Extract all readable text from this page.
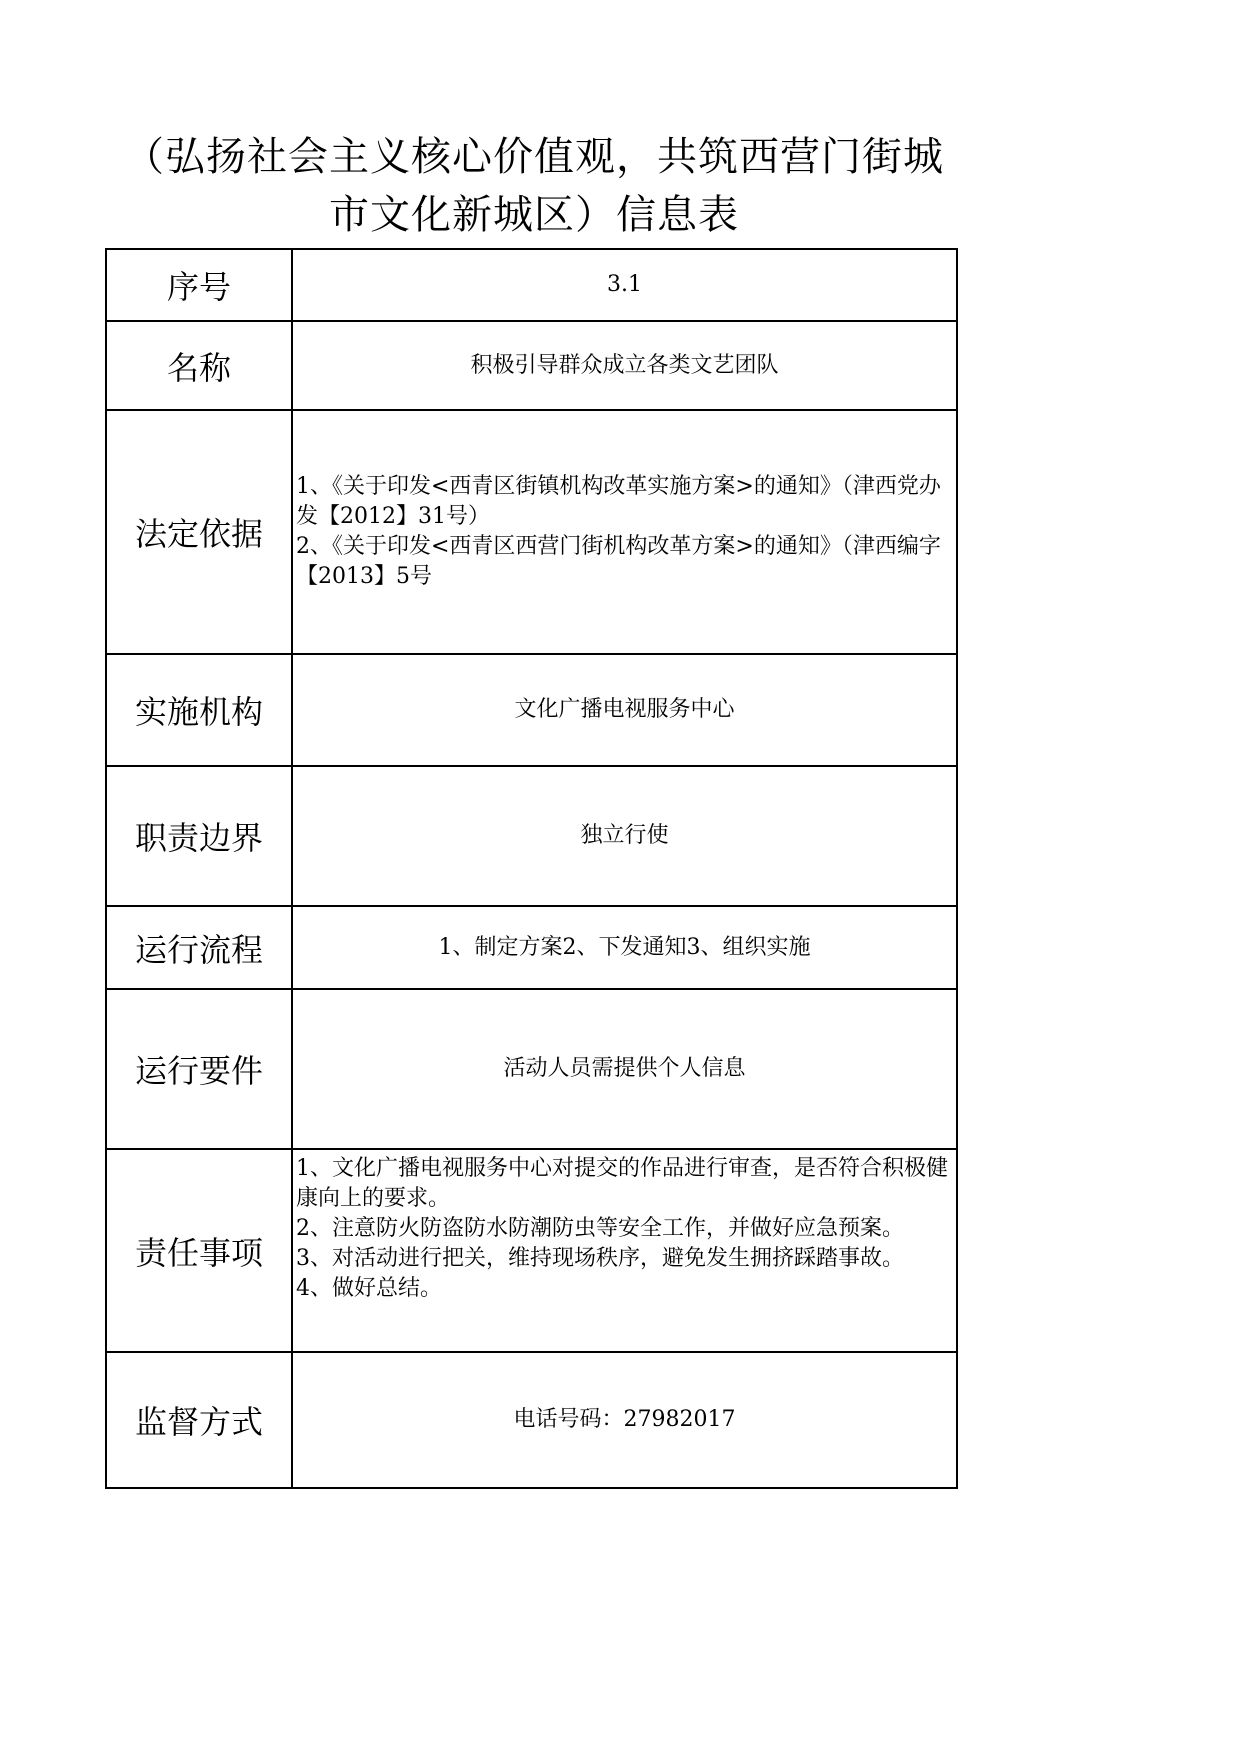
（弘扬社会主义核心价值观，共筑西营门街城
市文化新城区）信息表
序号	3.1
名称	积极引导群众成立各类文艺团队
法定依据	1、《关于印发<西青区街镇机构改革实施方案>的通知》（津西党办发【2012】31号）
2、《关于印发<西青区西营门街机构改革方案>的通知》（津西编字【2013】5号

实施机构	文化广播电视服务中心
职责边界	独立行使
运行流程	1、制定方案2、下发通知3、组织实施
运行要件	活动人员需提供个人信息
责任事项	1、文化广播电视服务中心对提交的作品进行审查，是否符合积极健康向上的要求。
2、注意防火防盗防水防潮防虫等安全工作，并做好应急预案。
3、对活动进行把关，维持现场秩序，避免发生拥挤踩踏事故。
4、做好总结。

监督方式	电话号码：27982017
